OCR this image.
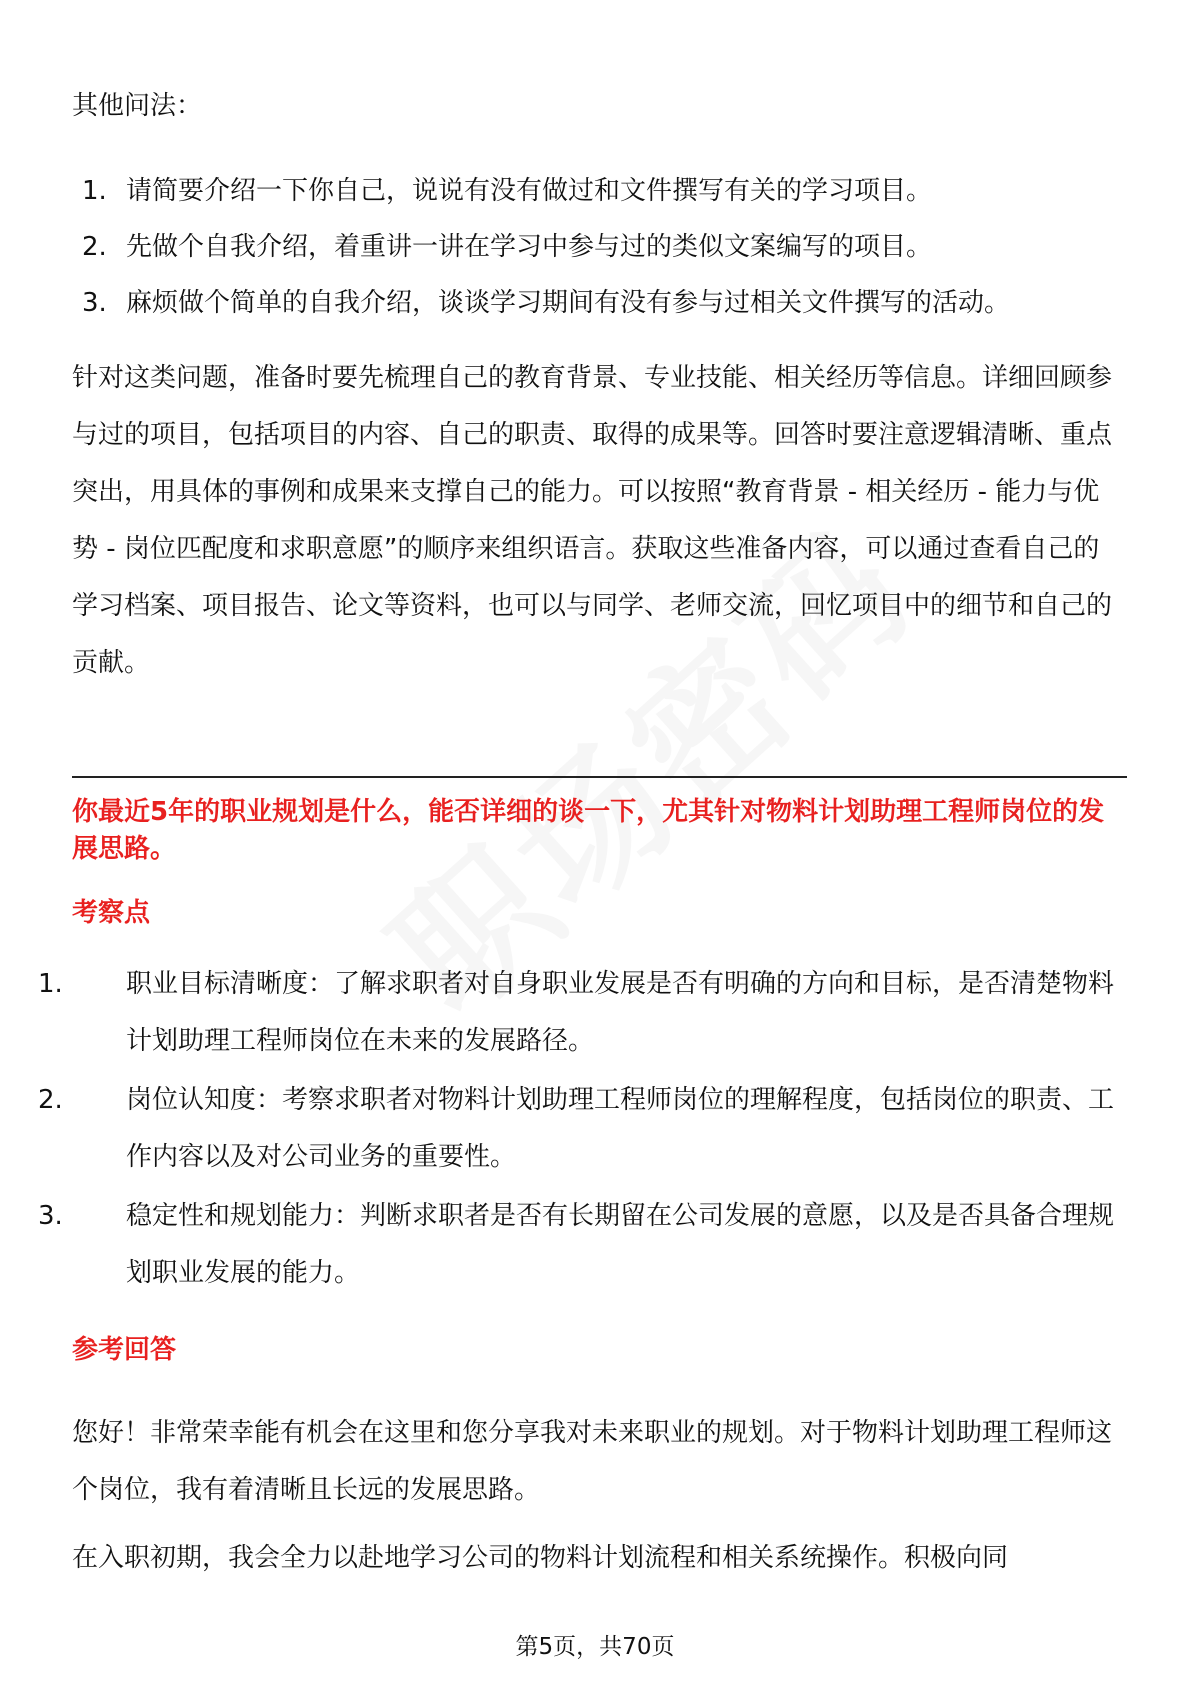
其他问法：

1. 请简要介绍一下你自己，说说有没有做过和文件撰写有关的学习项目。

2. 先做个自我介绍，着重讲一讲在学习中参与过的类似文案编写的项目。

3. 麻烦做个简单的自我介绍，谈谈学习期间有没有参与过相关文件撰写的活动。

针对这类问题，准备时要先梳理自己的教育背景、专业技能、相关经历等信息。详细回顾参与过的项目，包括项目的内容、自己的职责、取得的成果等。回答时要注意逻辑清晰、重点突出，用具体的事例和成果来支撑自己的能力。可以按照“教育背景 - 相关经历 - 能力与优势 - 岗位匹配度和求职意愿”的顺序来组织语言。获取这些准备内容，可以通过查看自己的学习档案、项目报告、论文等资料，也可以与同学、老师交流，回忆项目中的细节和自己的贡献。

你最近5年的职业规划是什么，能否详细的谈一下，尤其针对物料计划助理工程师岗位的发展思路。

考察点

1. 职业目标清晰度：了解求职者对自身职业发展是否有明确的方向和目标，是否清楚物料计划助理工程师岗位在未来的发展路径。

2. 岗位认知度：考察求职者对物料计划助理工程师岗位的理解程度，包括岗位的职责、工作内容以及对公司业务的重要性。

3. 稳定性和规划能力：判断求职者是否有长期留在公司发展的意愿，以及是否具备合理规划职业发展的能力。

参考回答

您好！非常荣幸能有机会在这里和您分享我对未来职业的规划。对于物料计划助理工程师这个岗位，我有着清晰且长远的发展思路。

在入职初期，我会全力以赴地学习公司的物料计划流程和相关系统操作。积极向同

第5页，共70页
